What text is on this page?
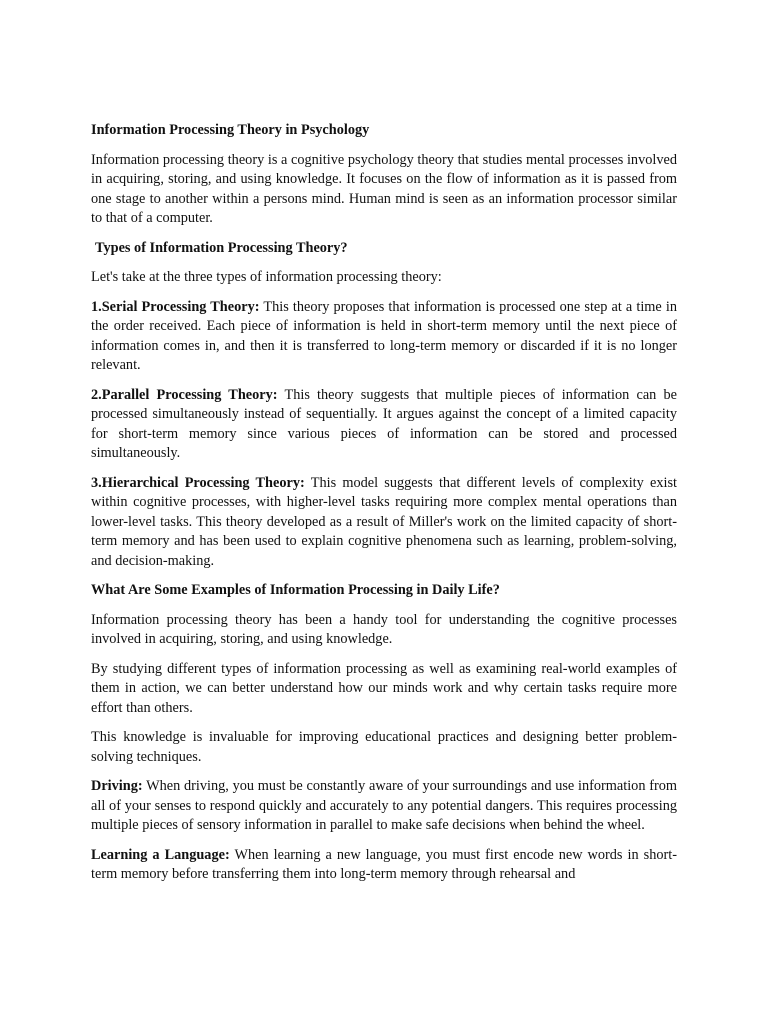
Information Processing Theory in Psychology

Information processing theory is a cognitive psychology theory that studies mental processes involved in acquiring, storing, and using knowledge. It focuses on the flow of information as it is passed from one stage to another within a persons mind. Human mind is seen as an information processor similar to that of a computer.

Types of Information Processing Theory?

Let's take at the three types of information processing theory:

1.Serial Processing Theory: This theory proposes that information is processed one step at a time in the order received. Each piece of information is held in short-term memory until the next piece of information comes in, and then it is transferred to long-term memory or discarded if it is no longer relevant.

2.Parallel Processing Theory: This theory suggests that multiple pieces of information can be processed simultaneously instead of sequentially. It argues against the concept of a limited capacity for short-term memory since various pieces of information can be stored and processed simultaneously.

3.Hierarchical Processing Theory: This model suggests that different levels of complexity exist within cognitive processes, with higher-level tasks requiring more complex mental operations than lower-level tasks. This theory developed as a result of Miller's work on the limited capacity of short-term memory and has been used to explain cognitive phenomena such as learning, problem-solving, and decision-making.

What Are Some Examples of Information Processing in Daily Life?

Information processing theory has been a handy tool for understanding the cognitive processes involved in acquiring, storing, and using knowledge.

By studying different types of information processing as well as examining real-world examples of them in action, we can better understand how our minds work and why certain tasks require more effort than others.

This knowledge is invaluable for improving educational practices and designing better problem-solving techniques.

Driving: When driving, you must be constantly aware of your surroundings and use information from all of your senses to respond quickly and accurately to any potential dangers. This requires processing multiple pieces of sensory information in parallel to make safe decisions when behind the wheel.

Learning a Language: When learning a new language, you must first encode new words in short-term memory before transferring them into long-term memory through rehearsal and
